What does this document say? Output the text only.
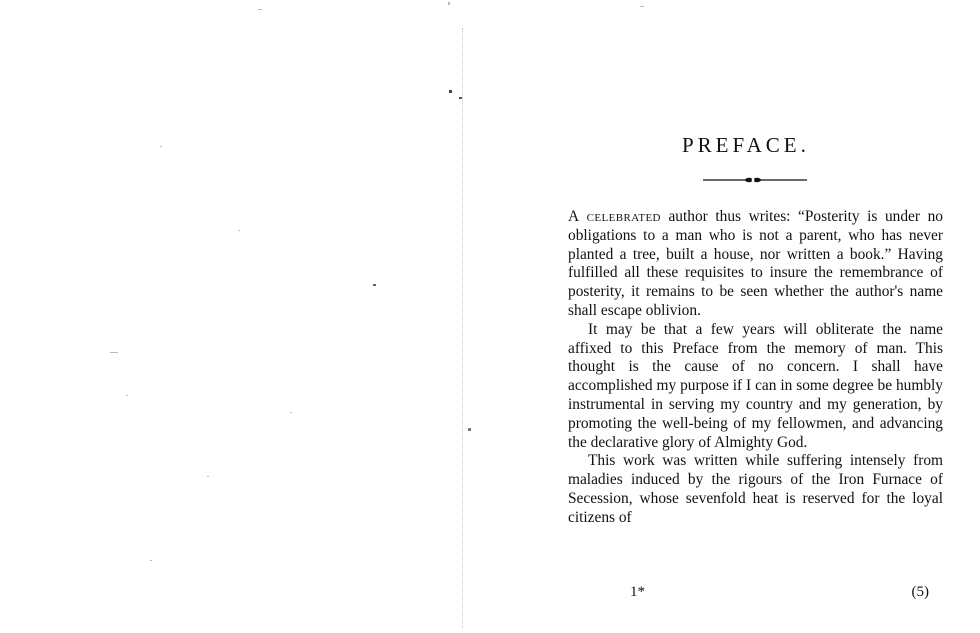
PREFACE.

A celebrated author thus writes: “Posterity is under no obligations to a man who is not a parent, who has never planted a tree, built a house, nor written a book.” Having fulfilled all these requisites to insure the remembrance of posterity, it remains to be seen whether the author's name shall escape oblivion.

It may be that a few years will obliterate the name affixed to this Preface from the memory of man. This thought is the cause of no concern. I shall have accomplished my purpose if I can in some degree be humbly instrumental in serving my country and my generation, by promoting the well-being of my fellowmen, and advancing the declarative glory of Almighty God.

This work was written while suffering intensely from maladies induced by the rigours of the Iron Furnace of Secession, whose sevenfold heat is reserved for the loyal citizens of

1*	(5)
